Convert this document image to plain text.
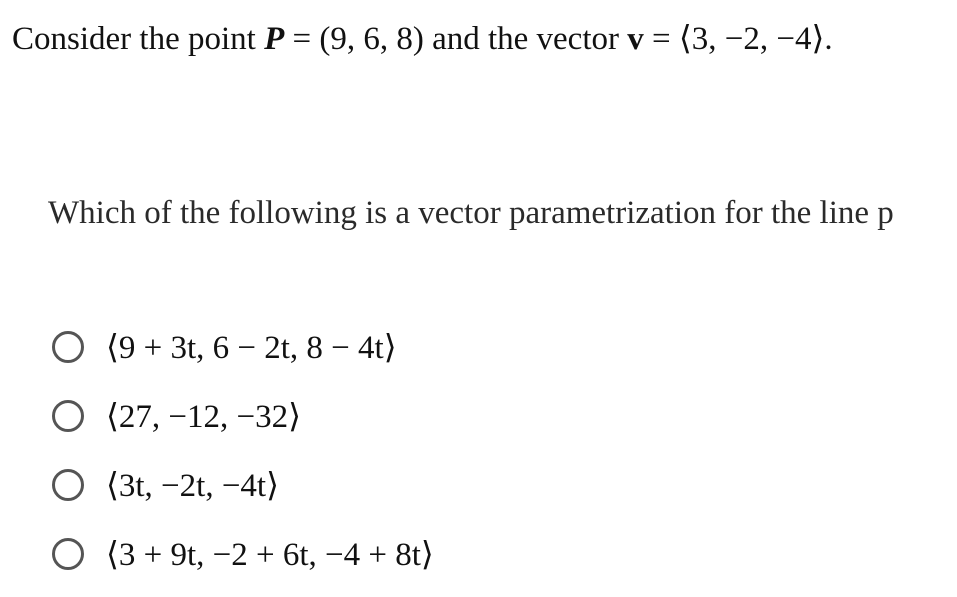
Consider the point P = (9, 6, 8) and the vector v = ⟨3, −2, −4⟩.
Which of the following is a vector parametrization for the line p
⟨9 + 3t, 6 − 2t, 8 − 4t⟩
⟨27, −12, −32⟩
⟨3t, −2t, −4t⟩
⟨3 + 9t, −2 + 6t, −4 + 8t⟩
